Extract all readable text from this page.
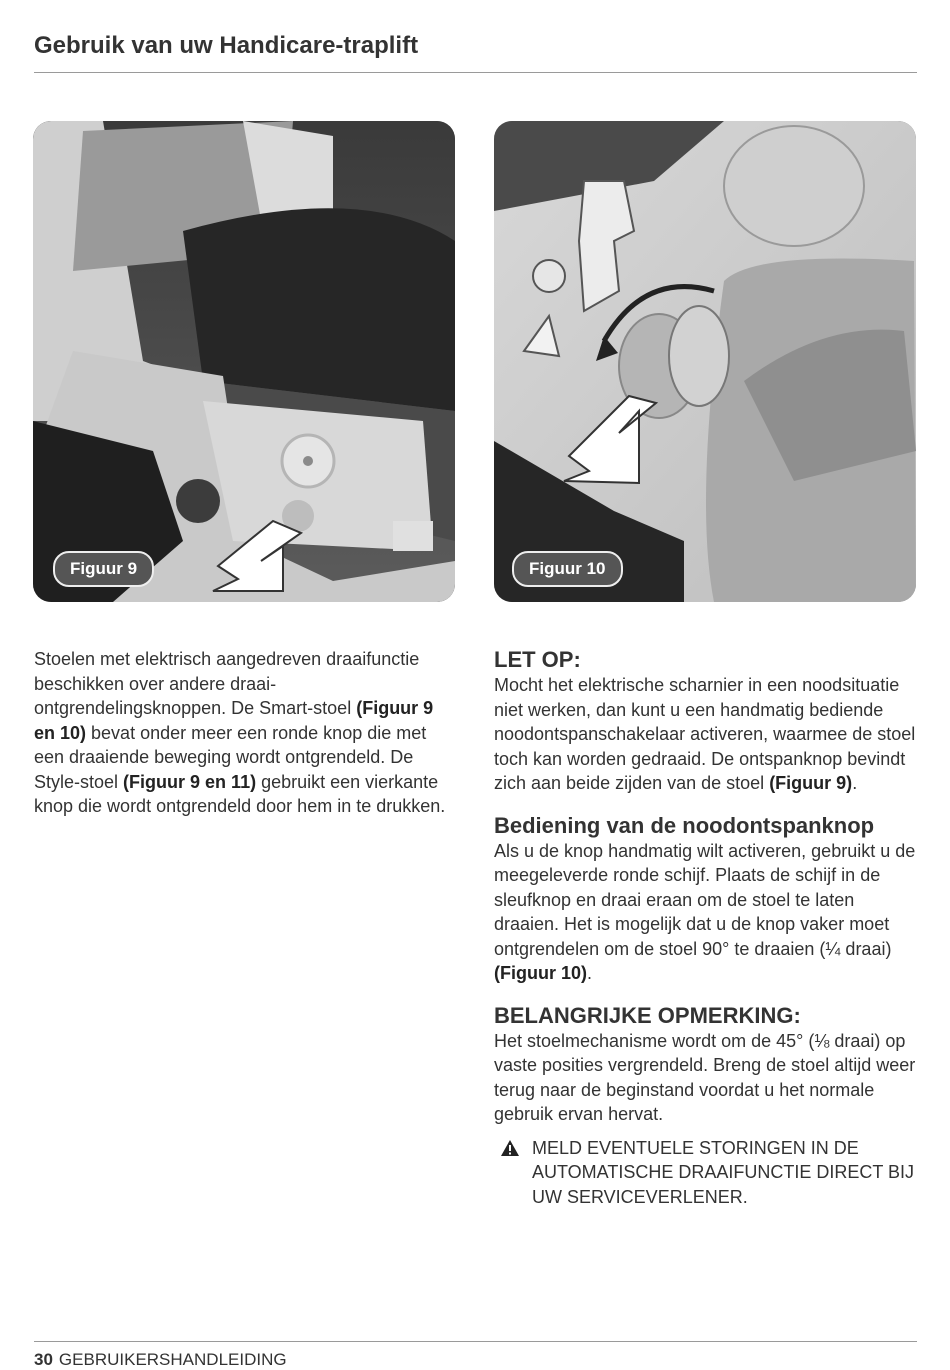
Gebruik van uw Handicare-traplift
Figuur 9	Figuur 10

Stoelen met elektrisch aangedreven draaifunctie beschikken over andere draai-ontgrendelingsknoppen. De Smart-stoel (Figuur 9 en 10) bevat onder meer een ronde knop die met een draaiende beweging wordt ontgrendeld. De Style-stoel (Figuur 9 en 11) gebruikt een vierkante knop die wordt ontgrendeld door hem in te drukken.

LET OP:

Mocht het elektrische scharnier in een noodsituatie niet werken, dan kunt u een handmatig bediende noodontspanschakelaar activeren, waarmee de stoel toch kan worden gedraaid. De ontspanknop bevindt zich aan beide zijden van de stoel (Figuur 9).

Bediening van de noodontspanknop

Als u de knop handmatig wilt activeren, gebruikt u de meegeleverde ronde schijf. Plaats de schijf in de sleufknop en draai eraan om de stoel te laten draaien. Het is mogelijk dat u de knop vaker moet ontgrendelen om de stoel 90° te draaien (¼ draai) (Figuur 10).

BELANGRIJKE OPMERKING:

Het stoelmechanisme wordt om de 45° (⅛ draai) op vaste posities vergrendeld. Breng de stoel altijd weer terug naar de beginstand voordat u het normale gebruik ervan hervat.

MELD EVENTUELE STORINGEN IN DE AUTOMATISCHE DRAAIFUNCTIE DIRECT BIJ UW SERVICEVERLENER.

30 GEBRUIKERSHANDLEIDING
